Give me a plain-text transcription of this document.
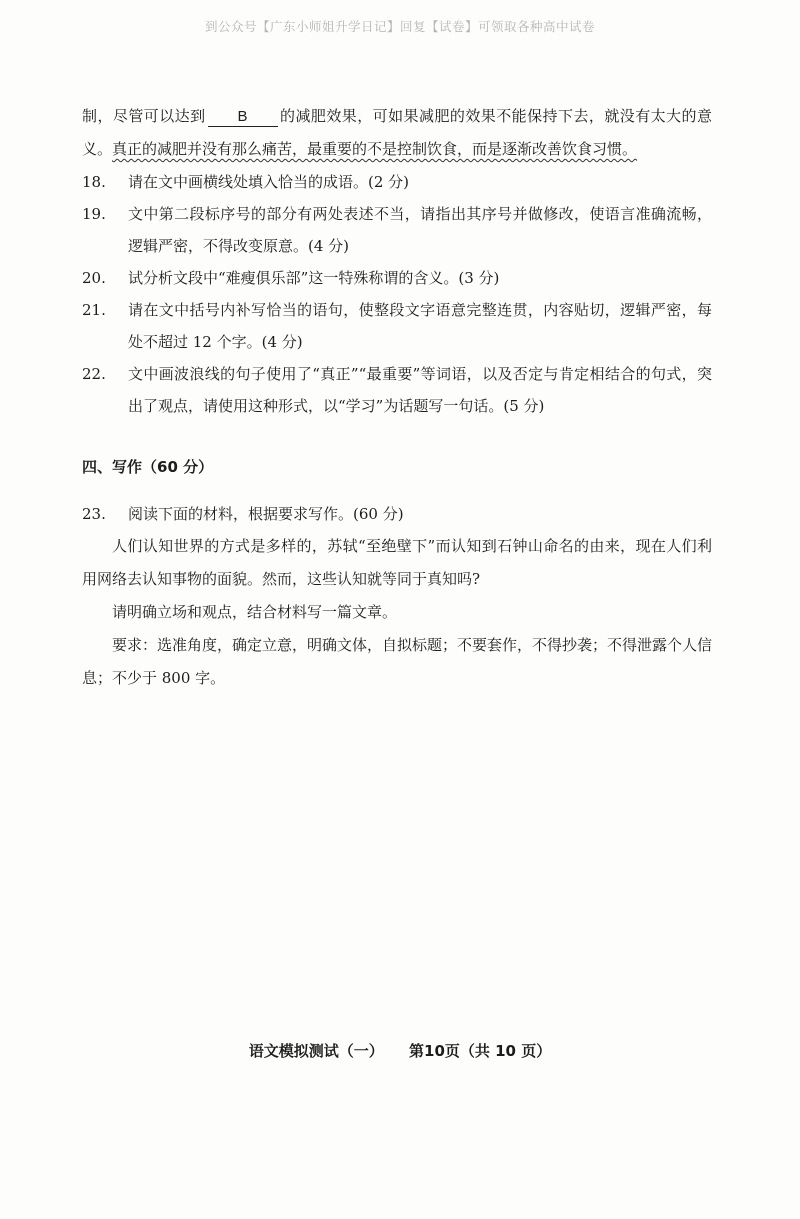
到公众号【广东小师姐升学日记】回复【试卷】可领取各种高中试卷

制，尽管可以达到 B 的减肥效果，可如果减肥的效果不能保持下去，就没有太大的意义。真正的减肥并没有那么痛苦，最重要的不是控制饮食，而是逐渐改善饮食习惯。

18. 请在文中画横线处填入恰当的成语。(2 分)

19. 文中第二段标序号的部分有两处表述不当，请指出其序号并做修改，使语言准确流畅，逻辑严密，不得改变原意。(4 分)

20. 试分析文段中“难瘦俱乐部”这一特殊称谓的含义。(3 分)

21. 请在文中括号内补写恰当的语句，使整段文字语意完整连贯，内容贴切，逻辑严密，每处不超过 12 个字。(4 分)

22. 文中画波浪线的句子使用了“真正”“最重要”等词语，以及否定与肯定相结合的句式，突出了观点，请使用这种形式，以“学习”为话题写一句话。(5 分)

四、写作（60 分）

23. 阅读下面的材料，根据要求写作。(60 分)

人们认知世界的方式是多样的，苏轼“至绝壁下”而认知到石钟山命名的由来，现在人们利用网络去认知事物的面貌。然而，这些认知就等同于真知吗?

请明确立场和观点，结合材料写一篇文章。

要求：选准角度，确定立意，明确文体，自拟标题；不要套作，不得抄袭；不得泄露个人信息；不少于 800 字。

语文模拟测试（一） 第10页（共 10 页）
